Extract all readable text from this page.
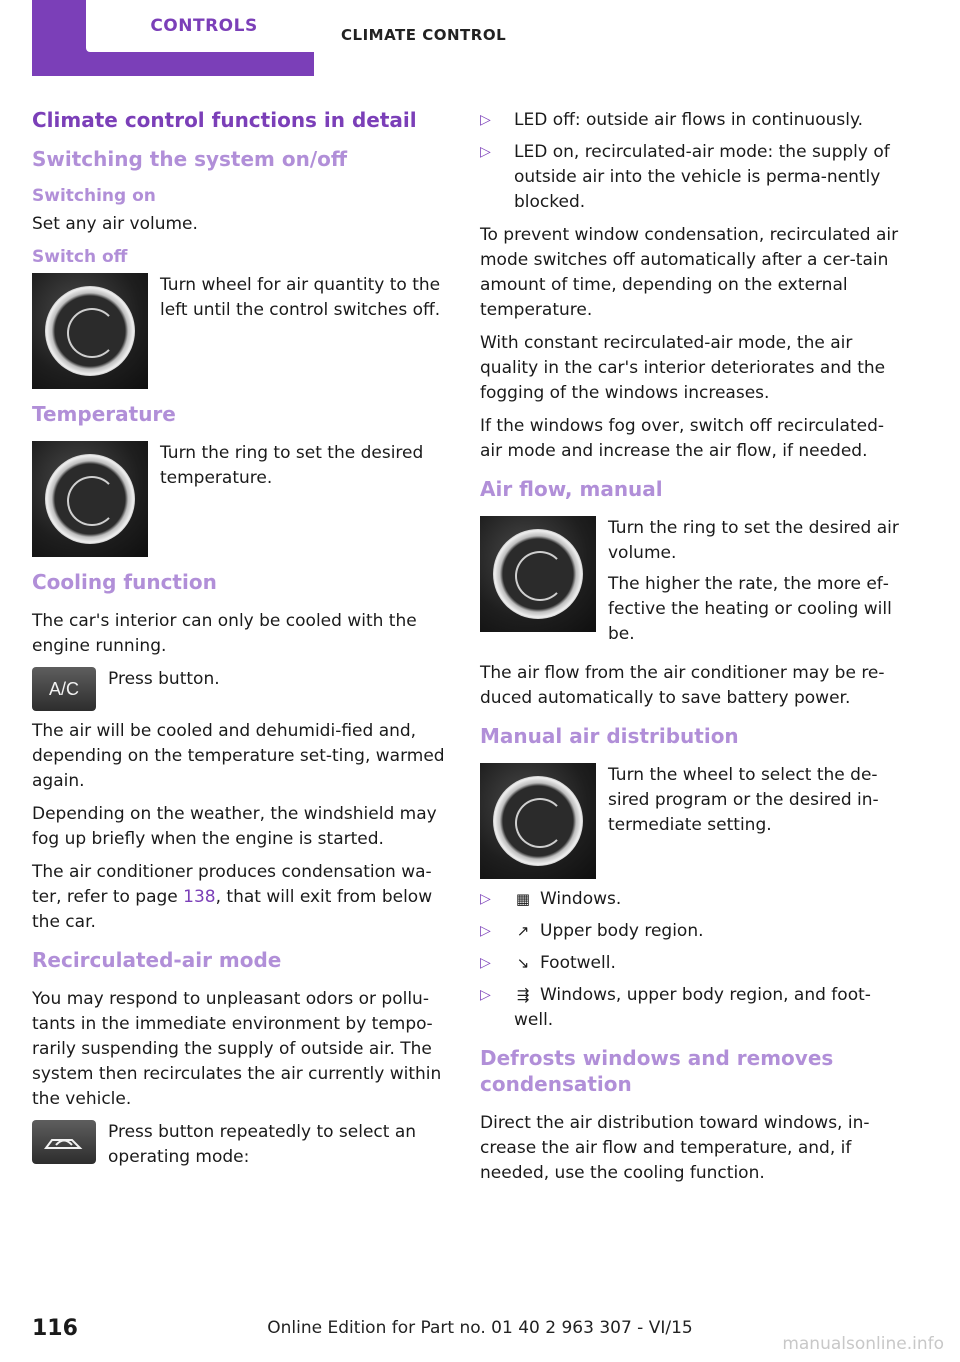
CONTROLS	CLIMATE CONTROL
Climate control functions in detail
Switching the system on/off
Switching on

Set any air volume.

Switch off

Turn wheel for air quantity to the left until the control switches off.

Temperature

Turn the ring to set the desired temperature.

Cooling function

The car's interior can only be cooled with the engine running.

A/C	Press button.

The air will be cooled and dehumidi‐fied and, depending on the temperature set‐ting, warmed again.

Depending on the weather, the windshield may fog up briefly when the engine is started.

The air conditioner produces condensation wa‐ter, refer to page 138, that will exit from below the car.

Recirculated-air mode

You may respond to unpleasant odors or pollu‐tants in the immediate environment by tempo‐rarily suspending the supply of outside air. The system then recirculates the air currently within the vehicle.

Press button repeatedly to select an operating mode:

▷ LED off: outside air flows in continuously.
▷ LED on, recirculated-air mode: the supply of outside air into the vehicle is perma‐nently blocked.

To prevent window condensation, recirculated air mode switches off automatically after a cer‐tain amount of time, depending on the external temperature.

With constant recirculated-air mode, the air quality in the car's interior deteriorates and the fogging of the windows increases.

If the windows fog over, switch off recirculated-air mode and increase the air flow, if needed.

Air flow, manual

Turn the ring to set the desired air volume.

The higher the rate, the more ef‐fective the heating or cooling will be.

The air flow from the air conditioner may be re‐duced automatically to save battery power.

Manual air distribution

Turn the wheel to select the de‐sired program or the desired in‐termediate setting.

▷ ▦ Windows.
▷ ↗ Upper body region.
▷ ↘ Footwell.
▷ ⇶ Windows, upper body region, and foot‐well.
Defrosts windows and removes condensation

Direct the air distribution toward windows, in‐crease the air flow and temperature, and, if needed, use the cooling function.

116	Online Edition for Part no. 01 40 2 963 307 - VI/15
manualsonline.info
